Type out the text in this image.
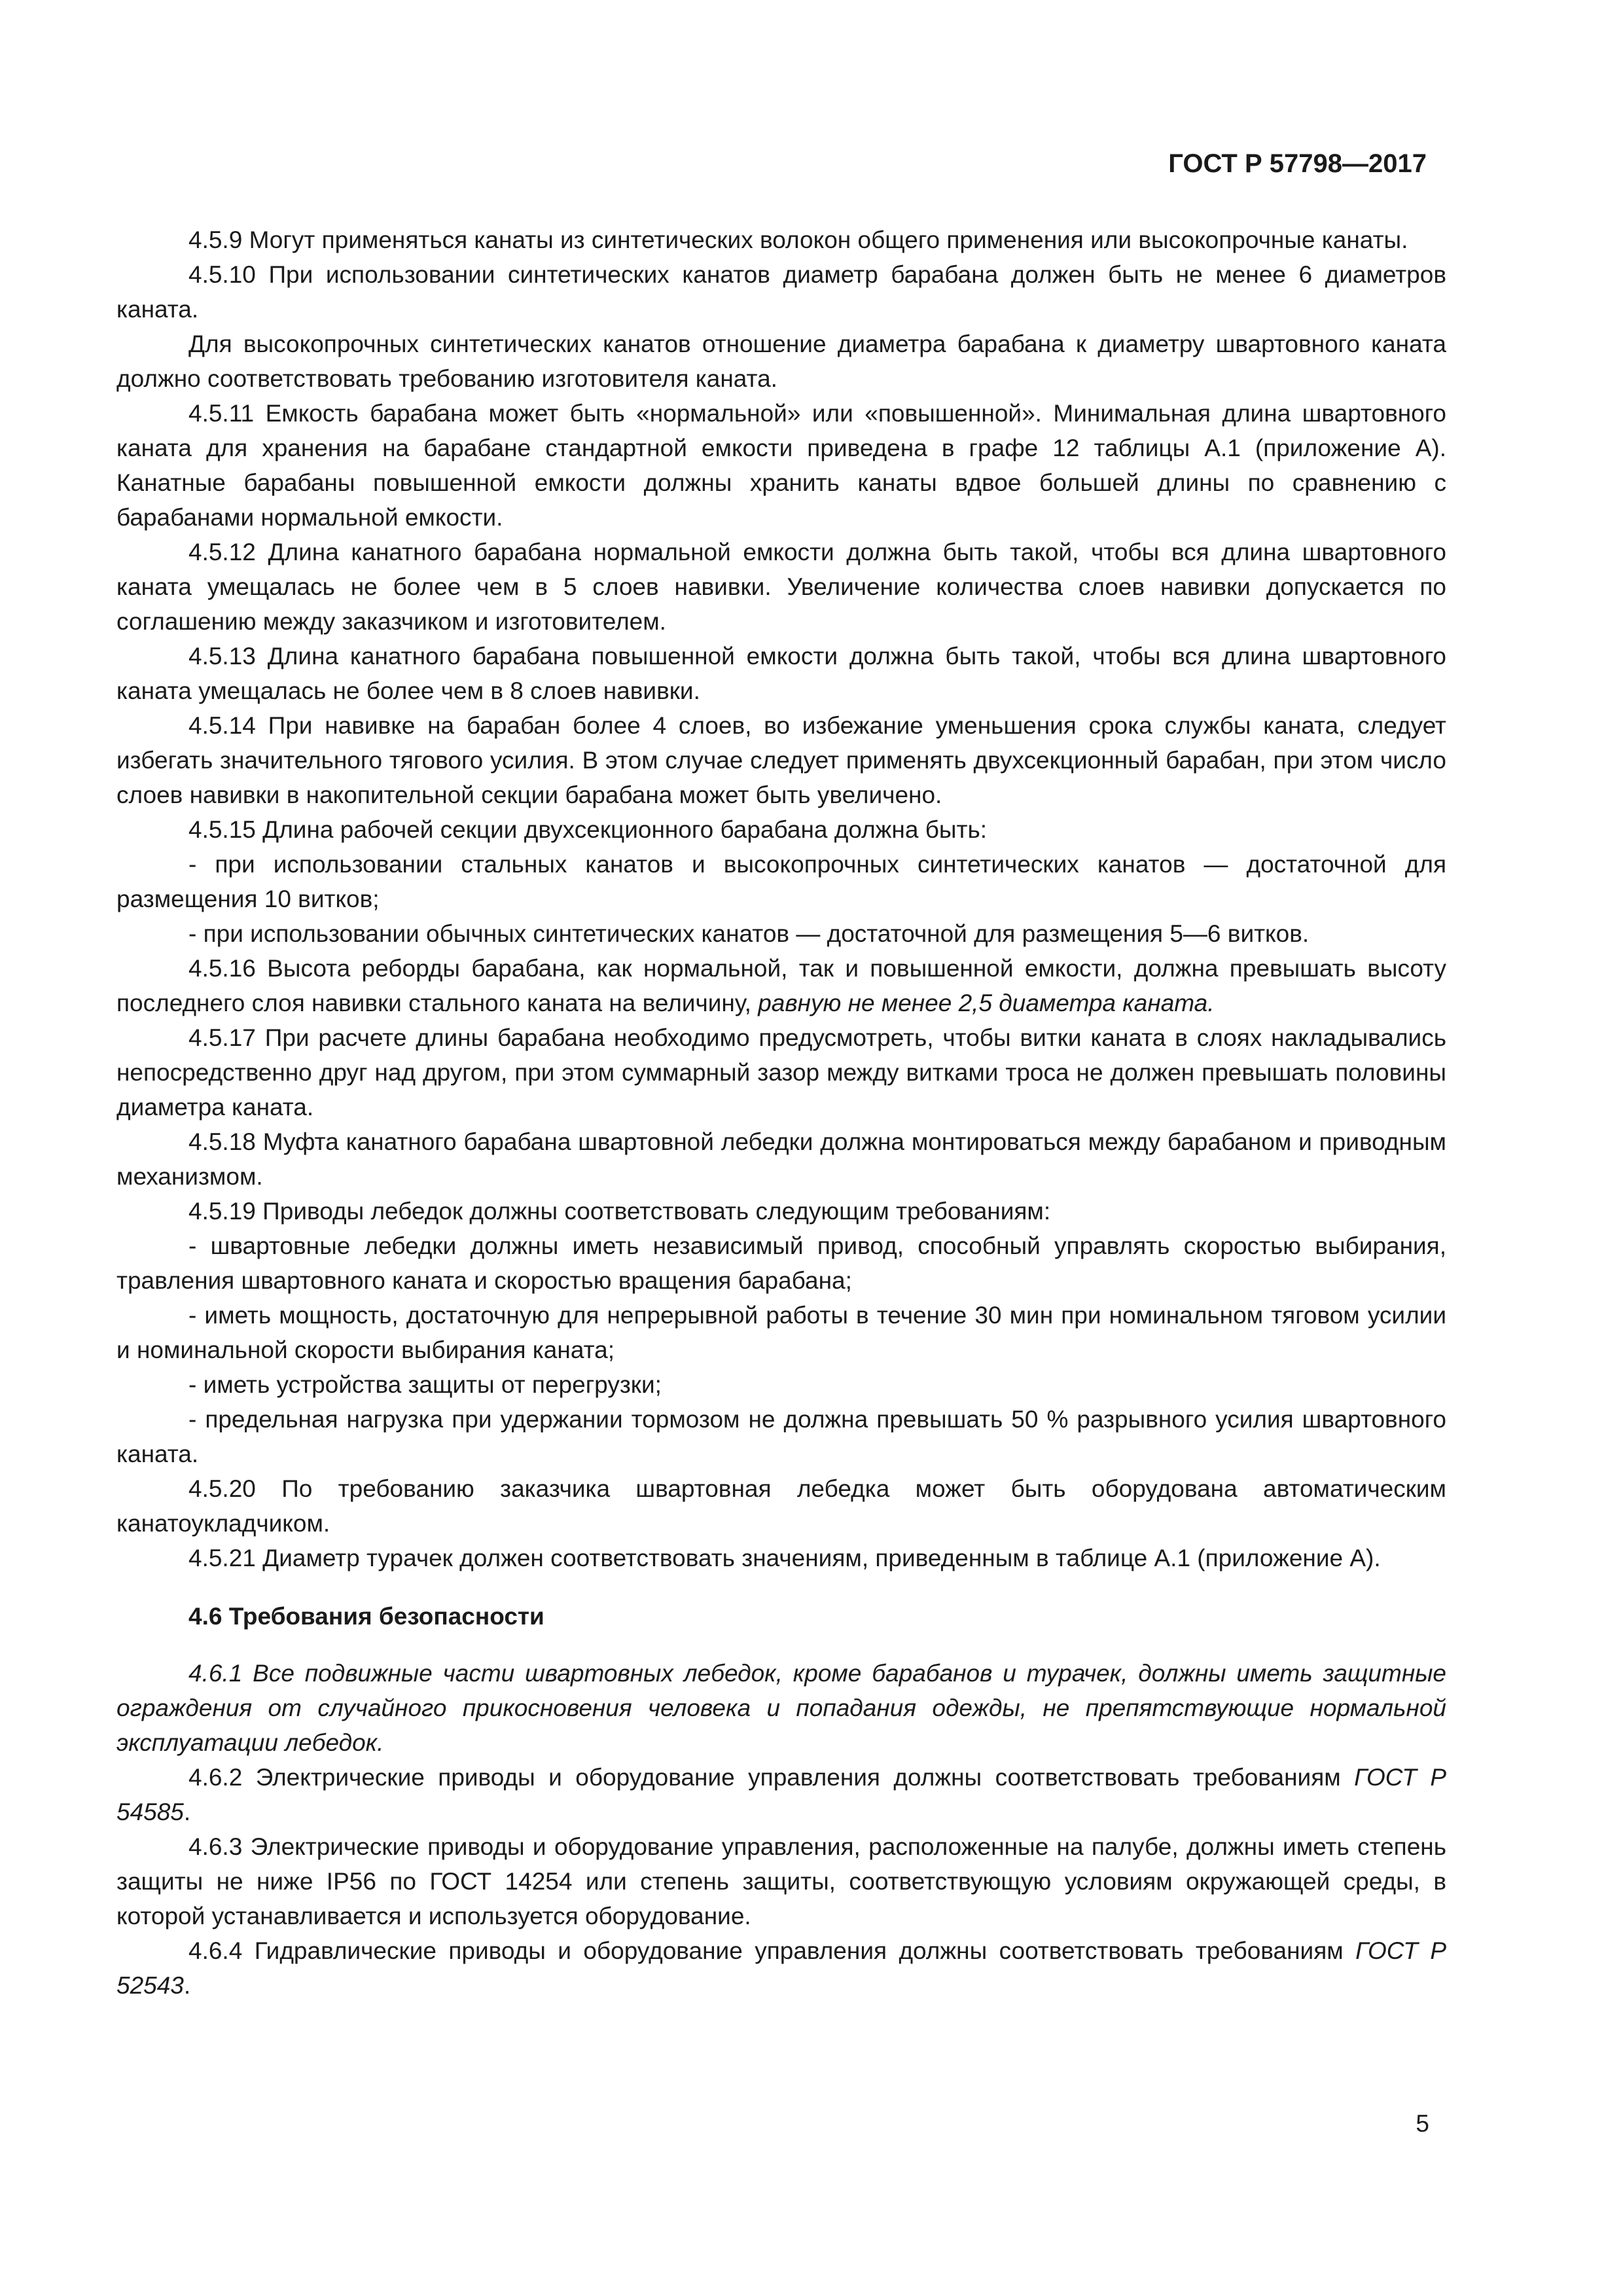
ГОСТ Р 57798—2017

4.5.9 Могут применяться канаты из синтетических волокон общего применения или высокопрочные канаты.

4.5.10 При использовании синтетических канатов диаметр барабана должен быть не менее 6 диаметров каната.

Для высокопрочных синтетических канатов отношение диаметра барабана к диаметру швартовного каната должно соответствовать требованию изготовителя каната.

4.5.11 Емкость барабана может быть «нормальной» или «повышенной». Минимальная длина швартовного каната для хранения на барабане стандартной емкости приведена в графе 12 таблицы А.1 (приложение А). Канатные барабаны повышенной емкости должны хранить канаты вдвое большей длины по сравнению с барабанами нормальной емкости.

4.5.12 Длина канатного барабана нормальной емкости должна быть такой, чтобы вся длина швартовного каната умещалась не более чем в 5 слоев навивки. Увеличение количества слоев навивки допускается по соглашению между заказчиком и изготовителем.

4.5.13 Длина канатного барабана повышенной емкости должна быть такой, чтобы вся длина швартовного каната умещалась не более чем в 8 слоев навивки.

4.5.14 При навивке на барабан более 4 слоев, во избежание уменьшения срока службы каната, следует избегать значительного тягового усилия. В этом случае следует применять двухсекционный барабан, при этом число слоев навивки в накопительной секции барабана может быть увеличено.

4.5.15 Длина рабочей секции двухсекционного барабана должна быть:

- при использовании стальных канатов и высокопрочных синтетических канатов — достаточной для размещения 10 витков;

- при использовании обычных синтетических канатов — достаточной для размещения 5—6 витков.

4.5.16 Высота реборды барабана, как нормальной, так и повышенной емкости, должна превышать высоту последнего слоя навивки стального каната на величину, равную не менее 2,5 диаметра каната.

4.5.17 При расчете длины барабана необходимо предусмотреть, чтобы витки каната в слоях накладывались непосредственно друг над другом, при этом суммарный зазор между витками троса не должен превышать половины диаметра каната.

4.5.18 Муфта канатного барабана швартовной лебедки должна монтироваться между барабаном и приводным механизмом.

4.5.19 Приводы лебедок должны соответствовать следующим требованиям:

- швартовные лебедки должны иметь независимый привод, способный управлять скоростью выбирания, травления швартовного каната и скоростью вращения барабана;

- иметь мощность, достаточную для непрерывной работы в течение 30 мин при номинальном тяговом усилии и номинальной скорости выбирания каната;

- иметь устройства защиты от перегрузки;

- предельная нагрузка при удержании тормозом не должна превышать 50 % разрывного усилия швартовного каната.

4.5.20 По требованию заказчика швартовная лебедка может быть оборудована автоматическим канатоукладчиком.

4.5.21 Диаметр турачек должен соответствовать значениям, приведенным в таблице А.1 (приложение А).

4.6 Требования безопасности

4.6.1 Все подвижные части швартовных лебедок, кроме барабанов и турачек, должны иметь защитные ограждения от случайного прикосновения человека и попадания одежды, не препятствующие нормальной эксплуатации лебедок.

4.6.2 Электрические приводы и оборудование управления должны соответствовать требованиям ГОСТ Р 54585.

4.6.3 Электрические приводы и оборудование управления, расположенные на палубе, должны иметь степень защиты не ниже IP56 по ГОСТ 14254 или степень защиты, соответствующую условиям окружающей среды, в которой устанавливается и используется оборудование.

4.6.4 Гидравлические приводы и оборудование управления должны соответствовать требованиям ГОСТ Р 52543.

5
